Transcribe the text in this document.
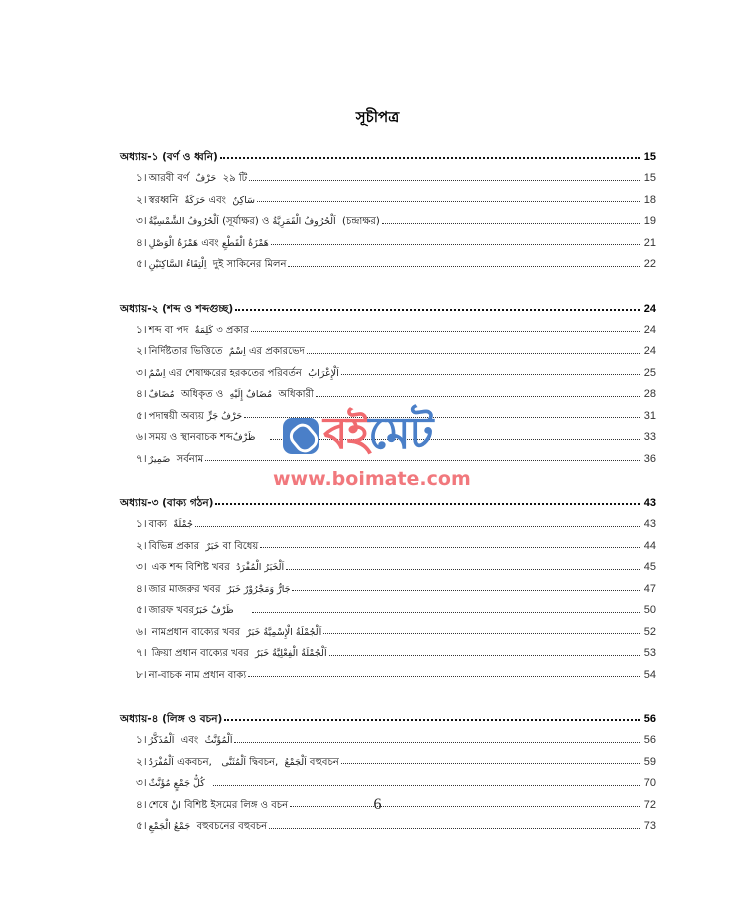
সূচীপত্র
অধ্যায়-১ (বর্ণ ও ধ্বনি)	15
১। আরবী বর্ণ حَرْفٌ ২৯ টি	15
২। স্বরধ্বনি حَرَكَةٌ এবং سَاكِنٌ	18
৩। اَلْحُرُوفُ الشَّمْسِيَّةُ (সূর্যাক্ষর) ও اَلْحُرُوفُ الْقَمَرِيَّةُ (চন্দ্রাক্ষর)	19
৪। هَمْزَةُ الْوَصْلِ এবং هَمْزَةُ الْقَطْعِ	21
৫। اِلْتِقَاءُ السَّاكِنَيْنِ দুই সাকিনের মিলন	22
অধ্যায়-২ (শব্দ ও শব্দগুচ্ছ)	24
১। শব্দ বা পদ كَلِمَةٌ ৩ প্রকার	24
২। নির্দিষ্টতার ভিত্তিতে اِسْمٌ এর প্রকারভেদ	24
৩। اِسْمٌ এর শেষাক্ষরের হরকতের পরিবর্তন اَلْإِعْرَابُ	25
৪। مُضَافٌ অধিকৃত ও مُضَافٌ إِلَيْهِ অধিকারী	28
৫। পদান্বয়ী অব্যয় حَرْفُ جَرٍّ	31
৬। সময় ও স্থানবাচক শব্দظَرْفٌ	33
৭। ضَمِيرٌ সর্বনাম	36
অধ্যায়-৩ (বাক্য গঠন)	43
১। বাক্য جُمْلَةٌ	43
২। বিভিন্ন প্রকার خَبَرٌ বা বিধেয়	44
৩। এক শব্দ বিশিষ্ট খবর اَلْخَبَرُ الْمُفْرَدُ	45
৪। জার মাজরুর খবর جَارٌّ وَمَجْرُوْرٌ خَبَرٌ	47
৫। জারফ খবরظَرْفٌ خَبَرٌ	50
৬। নামপ্রধান বাক্যের খবর اَلْجُمْلَةُ الْإِسْمِيَّةُ خَبَرٌ	52
৭। ক্রিয়া প্রধান বাক্যের খবর اَلْجُمْلَةُ الْفِعْلِيَّةُ خَبَرٌ	53
৮। না-বাচক নাম প্রধান বাক্য	54
অধ্যায়-৪ (লিঙ্গ ও বচন)	56
১। اَلْمُذَكَّرُ এবং اَلْمُؤَنَّثُ	56
২। اَلْمُفْرَدُ একবচন, اَلْمُثَنَّى দ্বিবচন, اَلْجَمْعُ বহুবচন	59
৩। كُلُّ جَمْعٍ مُؤَنَّثٌ	70
৪। শেষে انْ বিশিষ্ট ইসমের লিঙ্গ ও বচন	72
৫। جَمْعُ الْجَمْعِ বহুবচনের বহুবচন	73
বইমেট
www.boimate.com
6
